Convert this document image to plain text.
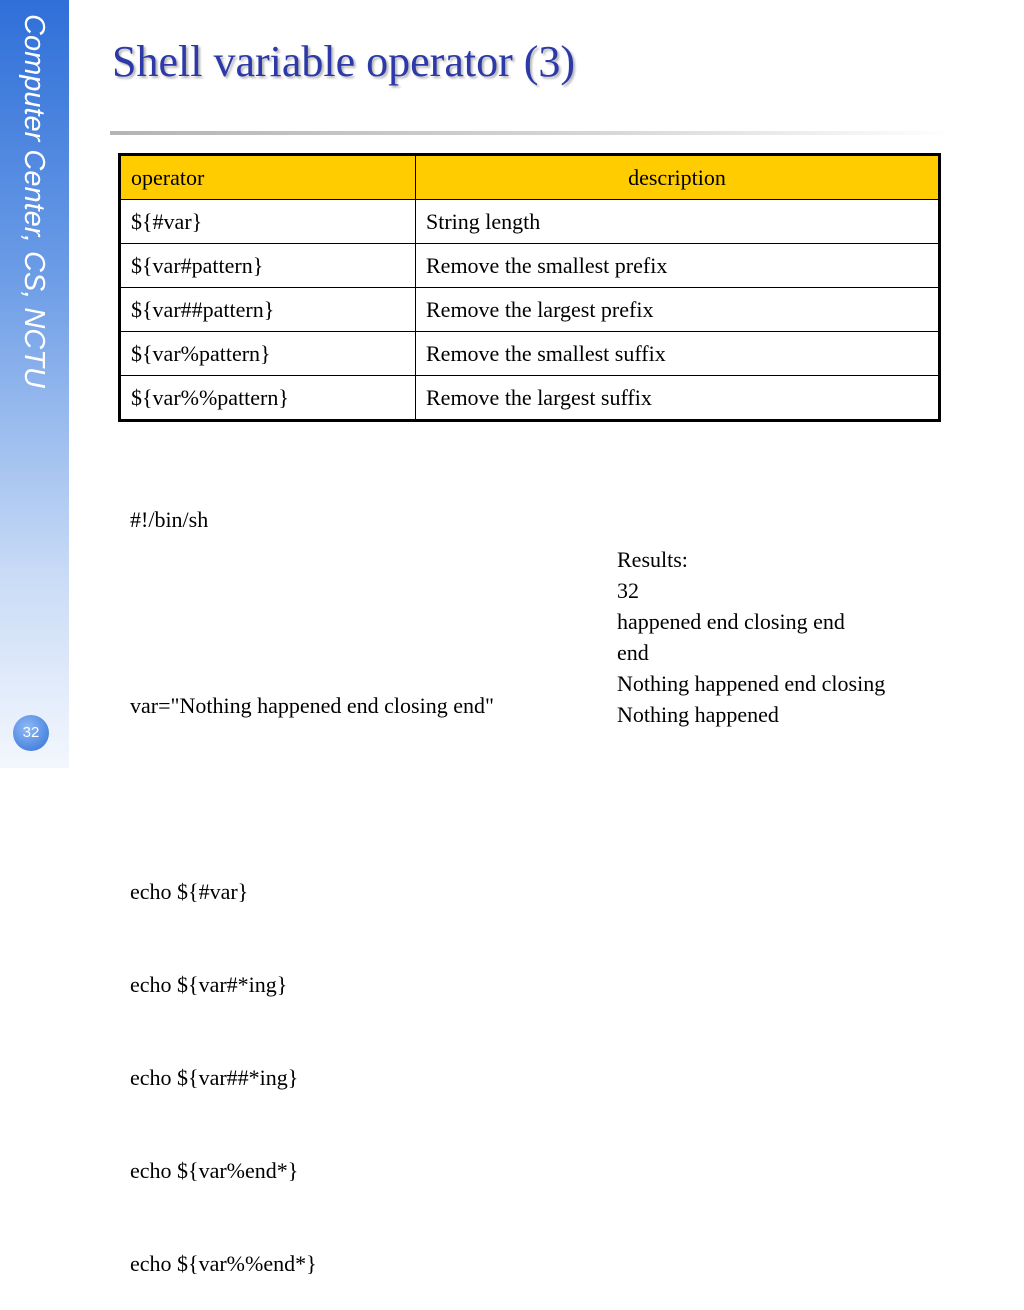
Computer Center, CS, NCTU
32
Shell variable operator (3)
operator	description
${#var}	String length
${var#pattern}	Remove the smallest prefix
${var##pattern}	Remove the largest prefix
${var%pattern}	Remove the smallest suffix
${var%%pattern}	Remove the largest suffix

#!/bin/sh

var="Nothing happened end closing end"

echo ${#var}

echo ${var#*ing}

echo ${var##*ing}

echo ${var%end*}

echo ${var%%end*}

Results:
32
happened end closing end
end
Nothing happened end closing
Nothing happened
